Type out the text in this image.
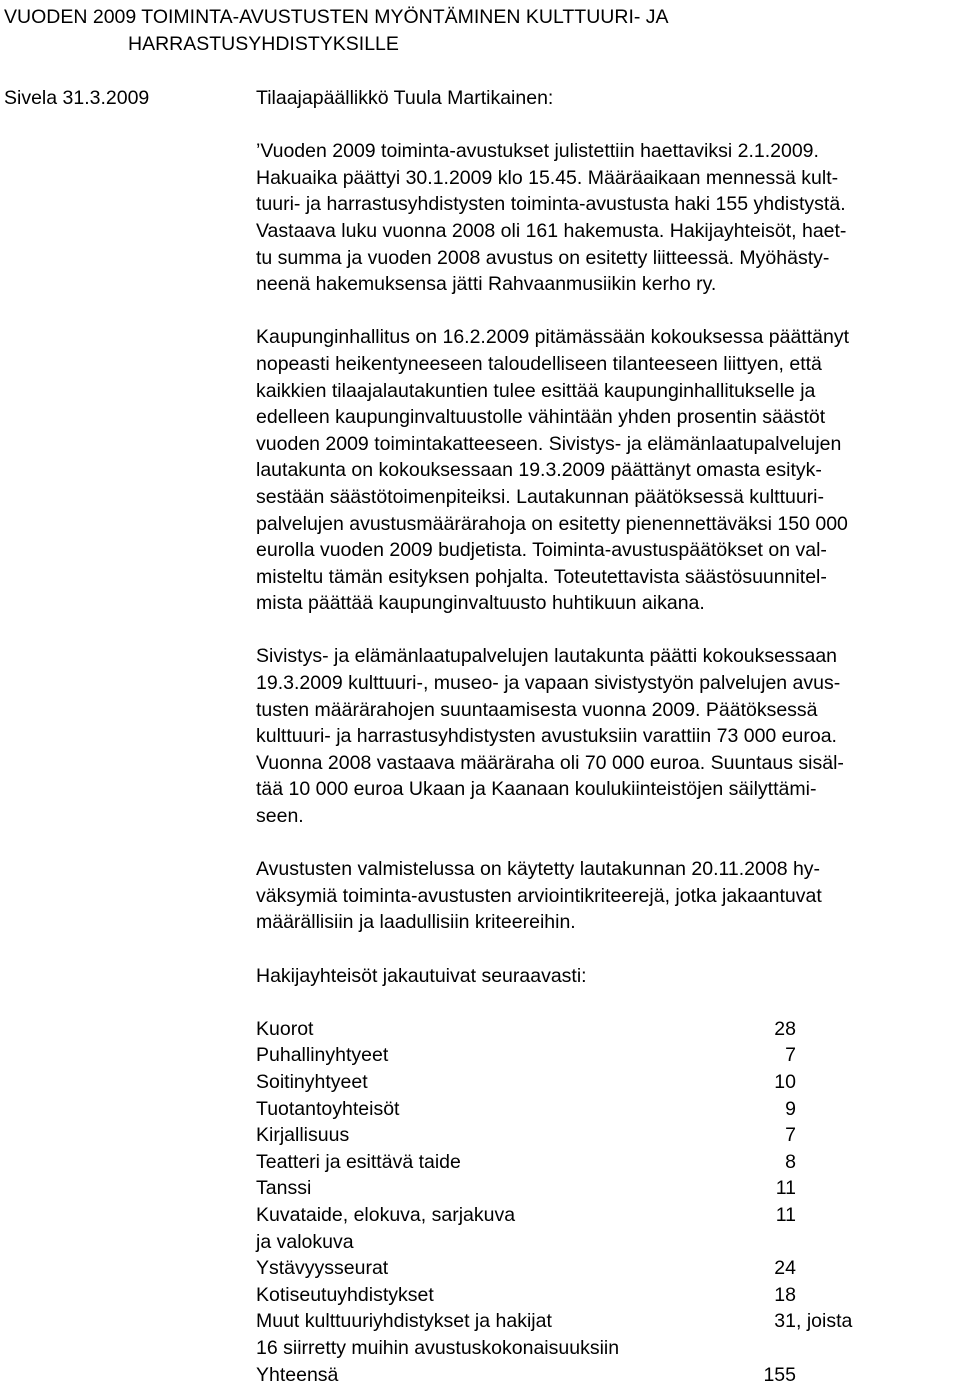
VUODEN 2009 TOIMINTA-AVUSTUSTEN MYÖNTÄMINEN KULTTUURI- JA
HARRASTUSYHDISTYKSILLE
Sivela 31.3.2009	Tilaajapäällikkö Tuula Martikainen:
’Vuoden 2009 toiminta-avustukset julistettiin haettaviksi 2.1.2009.
Hakuaika päättyi 30.1.2009 klo 15.45. Määräaikaan mennessä kult-
tuuri- ja harrastusyhdistysten toiminta-avustusta haki 155 yhdistystä.
Vastaava luku vuonna 2008 oli 161 hakemusta. Hakijayhteisöt, haet-
tu summa ja vuoden 2008 avustus on esitetty liitteessä. Myöhästy-
neenä hakemuksensa jätti Rahvaanmusiikin kerho ry.
Kaupunginhallitus on 16.2.2009 pitämässään kokouksessa päättänyt
nopeasti heikentyneeseen taloudelliseen tilanteeseen liittyen, että
kaikkien tilaajalautakuntien tulee esittää kaupunginhallitukselle ja
edelleen kaupunginvaltuustolle vähintään yhden prosentin säästöt
vuoden 2009 toimintakatteeseen. Sivistys- ja elämänlaatupalvelujen
lautakunta on kokouksessaan 19.3.2009 päättänyt omasta esityk-
sestään säästötoimenpiteiksi. Lautakunnan päätöksessä kulttuuri-
palvelujen avustusmäärärahoja on esitetty pienennettäväksi 150 000
eurolla vuoden 2009 budjetista. Toiminta-avustuspäätökset on val-
misteltu tämän esityksen pohjalta. Toteutettavista säästösuunnitel-
mista päättää kaupunginvaltuusto huhtikuun aikana.
Sivistys- ja elämänlaatupalvelujen lautakunta päätti kokouksessaan
19.3.2009 kulttuuri-, museo- ja vapaan sivistystyön palvelujen avus-
tusten määrärahojen suuntaamisesta vuonna 2009. Päätöksessä
kulttuuri- ja harrastusyhdistysten avustuksiin varattiin 73 000 euroa.
Vuonna 2008 vastaava määräraha oli 70 000 euroa. Suuntaus sisäl-
tää 10 000 euroa Ukaan ja Kaanaan koulukiinteistöjen säilyttämi-
seen.
Avustusten valmistelussa on käytetty lautakunnan 20.11.2008 hy-
väksymiä toiminta-avustusten arviointikriteerejä, jotka jakaantuvat
määrällisiin ja laadullisiin kriteereihin.
Hakijayhteisöt jakautuivat seuraavasti:
Kuorot	28
Puhallinyhtyeet	7
Soitinyhtyeet	10
Tuotantoyhteisöt	9
Kirjallisuus	7
Teatteri ja esittävä taide	8
Tanssi	11
Kuvataide, elokuva, sarjakuva	11
ja valokuva
Ystävyysseurat	24
Kotiseutuyhdistykset	18
Muut kulttuuriyhdistykset ja hakijat	31 , joista
16 siirretty muihin avustuskokonaisuuksiin
Yhteensä	155
